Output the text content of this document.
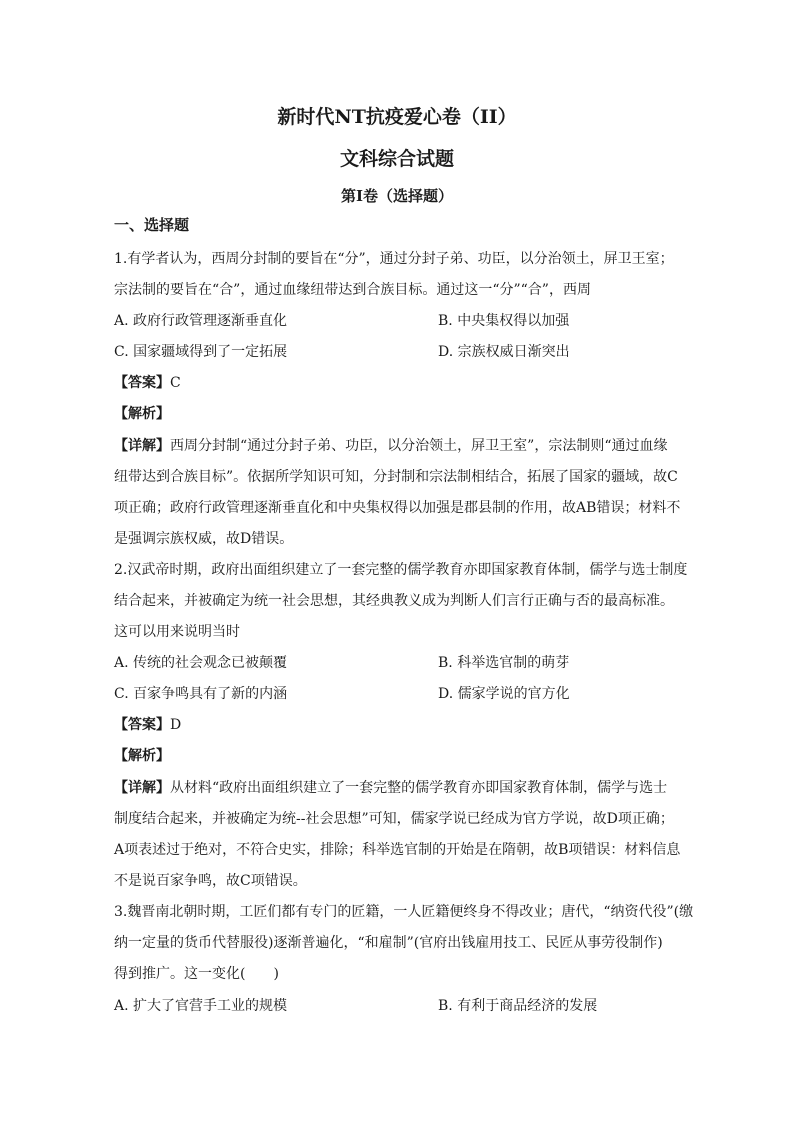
新时代NT抗疫爱心卷（II）
文科综合试题
第I卷（选择题）
一、选择题
1.有学者认为，西周分封制的要旨在“分”，通过分封子弟、功臣，以分治领土，屏卫王室；
宗法制的要旨在“合”，通过血缘纽带达到合族目标。通过这一“分”“合”，西周
A. 政府行政管理逐渐垂直化	B. 中央集权得以加强
C. 国家疆域得到了一定拓展	D. 宗族权威日渐突出
【答案】C
【解析】
【详解】西周分封制“通过分封子弟、功臣，以分治领土，屏卫王室”，宗法制则“通过血缘
纽带达到合族目标”。依据所学知识可知，分封制和宗法制相结合，拓展了国家的疆域，故C
项正确；政府行政管理逐渐垂直化和中央集权得以加强是郡县制的作用，故AB错误；材料不
是强调宗族权威，故D错误。
2.汉武帝时期，政府出面组织建立了一套完整的儒学教育亦即国家教育体制，儒学与选士制度
结合起来，并被确定为统一社会思想，其经典教义成为判断人们言行正确与否的最高标准。
这可以用来说明当时
A. 传统的社会观念已被颠覆	B. 科举选官制的萌芽
C. 百家争鸣具有了新的内涵	D. 儒家学说的官方化
【答案】D
【解析】
【详解】从材料“政府出面组织建立了一套完整的儒学教育亦即国家教育体制，儒学与选士
制度结合起来，并被确定为统--社会思想”可知，儒家学说已经成为官方学说，故D项正确；
A项表述过于绝对，不符合史实，排除；科举选官制的开始是在隋朝，故B项错误：材料信息
不是说百家争鸣，故C项错误。
3.魏晋南北朝时期，工匠们都有专门的匠籍，一人匠籍便终身不得改业；唐代，“纳资代役”(缴
纳一定量的货币代替服役)逐渐普遍化，“和雇制”(官府出钱雇用技工、民匠从事劳役制作)
得到推广。这一变化(　　)
A. 扩大了官营手工业的规模	B. 有利于商品经济的发展
